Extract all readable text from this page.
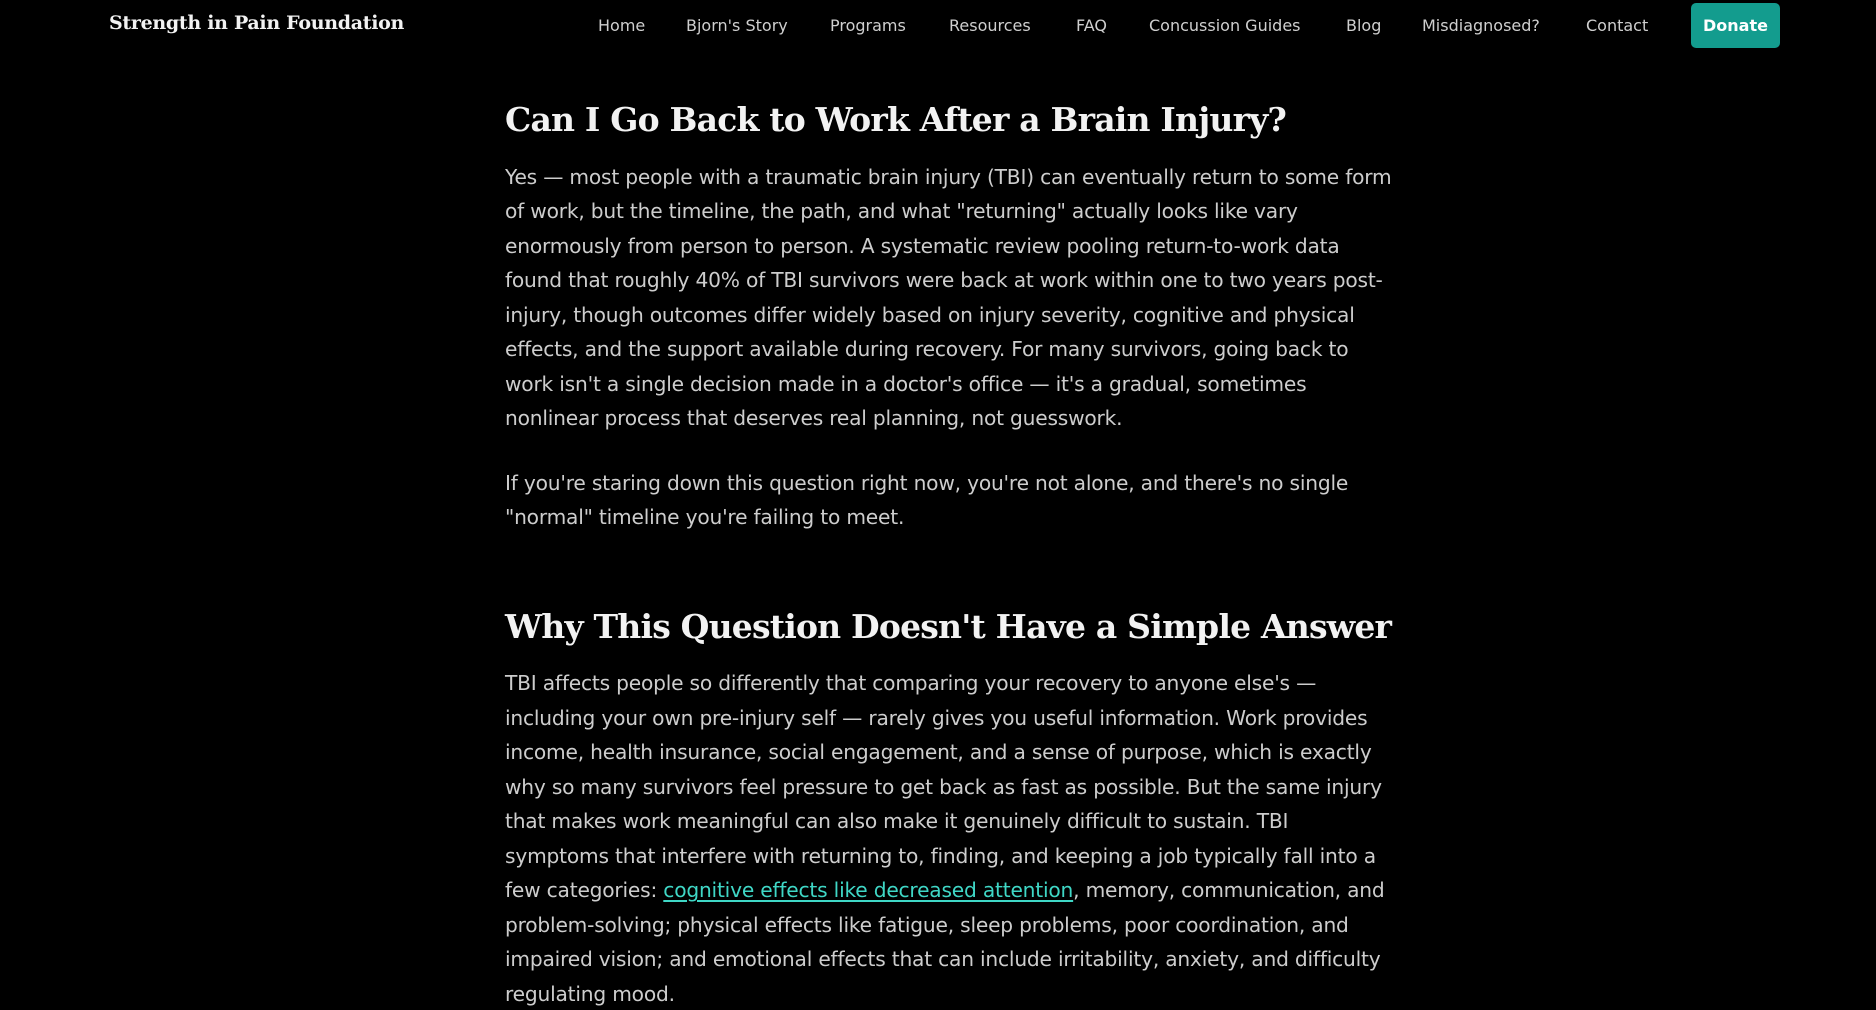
Strength in Pain Foundation	Home	Bjorn's Story	Programs	Resources	FAQ	Concussion Guides	Blog	Misdiagnosed?	Contact	Donate
Can I Go Back to Work After a Brain Injury?

Yes — most people with a traumatic brain injury (TBI) can eventually return to some form of work, but the timeline, the path, and what "returning" actually looks like vary enormously from person to person. A systematic review pooling return-to-work data found that roughly 40% of TBI survivors were back at work within one to two years post-injury, though outcomes differ widely based on injury severity, cognitive and physical effects, and the support available during recovery. For many survivors, going back to work isn't a single decision made in a doctor's office — it's a gradual, sometimes nonlinear process that deserves real planning, not guesswork.

If you're staring down this question right now, you're not alone, and there's no single "normal" timeline you're failing to meet.

Why This Question Doesn't Have a Simple Answer

TBI affects people so differently that comparing your recovery to anyone else's — including your own pre-injury self — rarely gives you useful information. Work provides income, health insurance, social engagement, and a sense of purpose, which is exactly why so many survivors feel pressure to get back as fast as possible. But the same injury that makes work meaningful can also make it genuinely difficult to sustain. TBI symptoms that interfere with returning to, finding, and keeping a job typically fall into a few categories: cognitive effects like decreased attention, memory, communication, and problem-solving; physical effects like fatigue, sleep problems, poor coordination, and impaired vision; and emotional effects that can include irritability, anxiety, and difficulty regulating mood.
